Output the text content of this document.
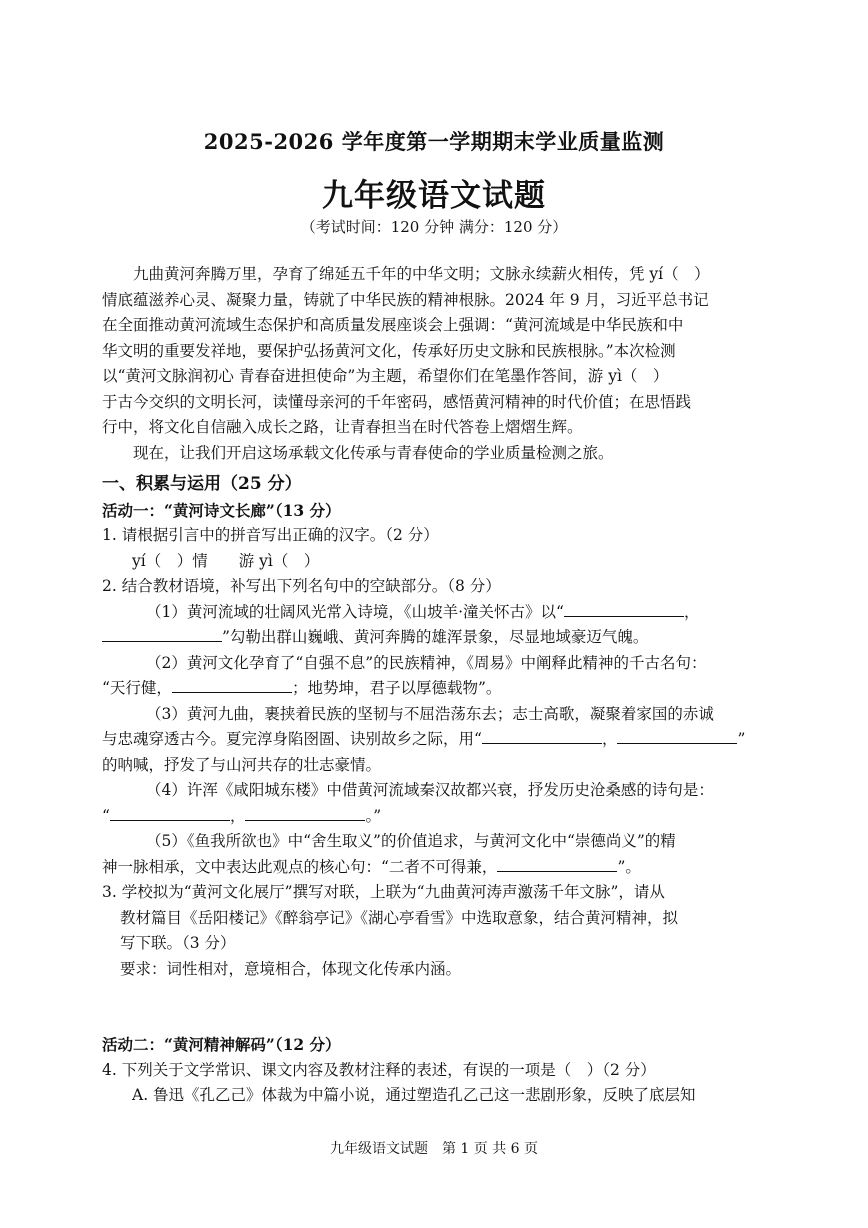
2025-2026 学年度第一学期期末学业质量监测
九年级语文试题
（考试时间：120 分钟 满分：120 分）
九曲黄河奔腾万里，孕育了绵延五千年的中华文明；文脉永续薪火相传，凭 yí（　）
情底蕴滋养心灵、凝聚力量，铸就了中华民族的精神根脉。2024 年 9 月，习近平总书记
在全面推动黄河流域生态保护和高质量发展座谈会上强调：“黄河流域是中华民族和中
华文明的重要发祥地，要保护弘扬黄河文化，传承好历史文脉和民族根脉。”本次检测
以“黄河文脉润初心 青春奋进担使命”为主题，希望你们在笔墨作答间，游 yì（　）
于古今交织的文明长河，读懂母亲河的千年密码，感悟黄河精神的时代价值；在思悟践
行中，将文化自信融入成长之路，让青春担当在时代答卷上熠熠生辉。
现在，让我们开启这场承载文化传承与青春使命的学业质量检测之旅。
一、积累与运用（25 分）
活动一：“黄河诗文长廊”（13 分）
1. 请根据引言中的拼音写出正确的汉字。（2 分）
yí（　）情　　游 yì（　）
2. 结合教材语境，补写出下列名句中的空缺部分。（8 分）
（1）黄河流域的壮阔风光常入诗境，《山坡羊·潼关怀古》以“	，
”勾勒出群山巍峨、黄河奔腾的雄浑景象，尽显地域豪迈气魄。
（2）黄河文化孕育了“自强不息”的民族精神，《周易》中阐释此精神的千古名句：
“天行健，	；地势坤，君子以厚德载物”。
（3）黄河九曲，裹挟着民族的坚韧与不屈浩荡东去；志士高歌，凝聚着家国的赤诚
与忠魂穿透古今。夏完淳身陷囹圄、诀别故乡之际，用“	，	”
的呐喊，抒发了与山河共存的壮志豪情。
（4）许浑《咸阳城东楼》中借黄河流域秦汉故都兴衰，抒发历史沧桑感的诗句是：
“	，	。”
（5）《鱼我所欲也》中“舍生取义”的价值追求，与黄河文化中“崇德尚义”的精
神一脉相承，文中表达此观点的核心句：“二者不可得兼，	”。
3. 学校拟为“黄河文化展厅”撰写对联，上联为“九曲黄河涛声激荡千年文脉”，请从
教材篇目《岳阳楼记》《醉翁亭记》《湖心亭看雪》中选取意象，结合黄河精神，拟
写下联。（3 分）
要求：词性相对，意境相合，体现文化传承内涵。
活动二：“黄河精神解码”（12 分）
4. 下列关于文学常识、课文内容及教材注释的表述，有误的一项是（　）（2 分）
A. 鲁迅《孔乙己》体裁为中篇小说，通过塑造孔乙己这一悲剧形象，反映了底层知
九年级语文试题　第 1 页 共 6 页
